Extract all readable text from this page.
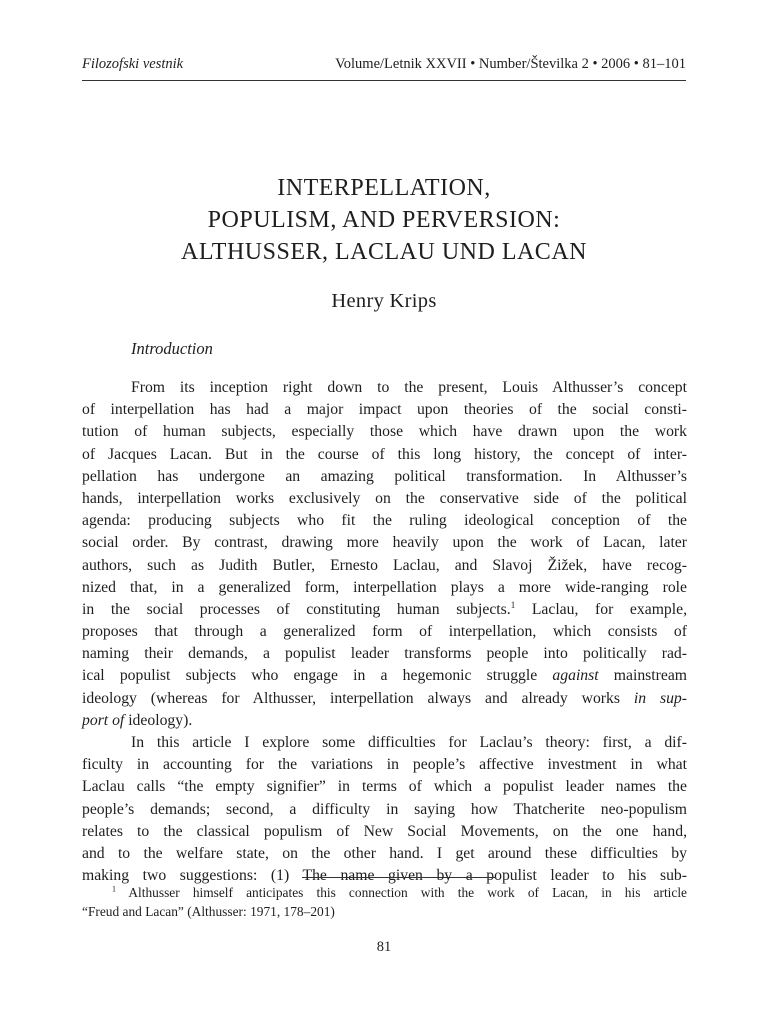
Filozofski vestnik	Volume/Letnik XXVII • Number/Številka 2 • 2006 • 81–101
INTERPELLATION,
POPULISM, AND PERVERSION:
ALTHUSSER, LACLAU UND LACAN
Henry Krips
Introduction
From its inception right down to the present, Louis Althusser’s concept
of interpellation has had a major impact upon theories of the social consti-
tution of human subjects, especially those which have drawn upon the work
of Jacques Lacan. But in the course of this long history, the concept of inter-
pellation has undergone an amazing political transformation. In Althusser’s
hands, interpellation works exclusively on the conservative side of the political
agenda: producing subjects who fit the ruling ideological conception of the
social order. By contrast, drawing more heavily upon the work of Lacan, later
authors, such as Judith Butler, Ernesto Laclau, and Slavoj Žižek, have recog-
nized that, in a generalized form, interpellation plays a more wide-ranging role
in the social processes of constituting human subjects.$^1$ Laclau, for example,
proposes that through a generalized form of interpellation, which consists of
naming their demands, a populist leader transforms people into politically rad-
ical populist subjects who engage in a hegemonic struggle against mainstream
ideology (whereas for Althusser, interpellation always and already works in sup-
port of ideology).
In this article I explore some difficulties for Laclau’s theory: first, a dif-
ficulty in accounting for the variations in people’s affective investment in what
Laclau calls “the empty signifier” in terms of which a populist leader names the
people’s demands; second, a difficulty in saying how Thatcherite neo-populism
relates to the classical populism of New Social Movements, on the one hand,
and to the welfare state, on the other hand. I get around these difficulties by
making two suggestions: (1) The name given by a populist leader to his sub-
$^1$ Althusser himself anticipates this connection with the work of Lacan, in his article
“Freud and Lacan” (Althusser: 1971, 178–201)
81
